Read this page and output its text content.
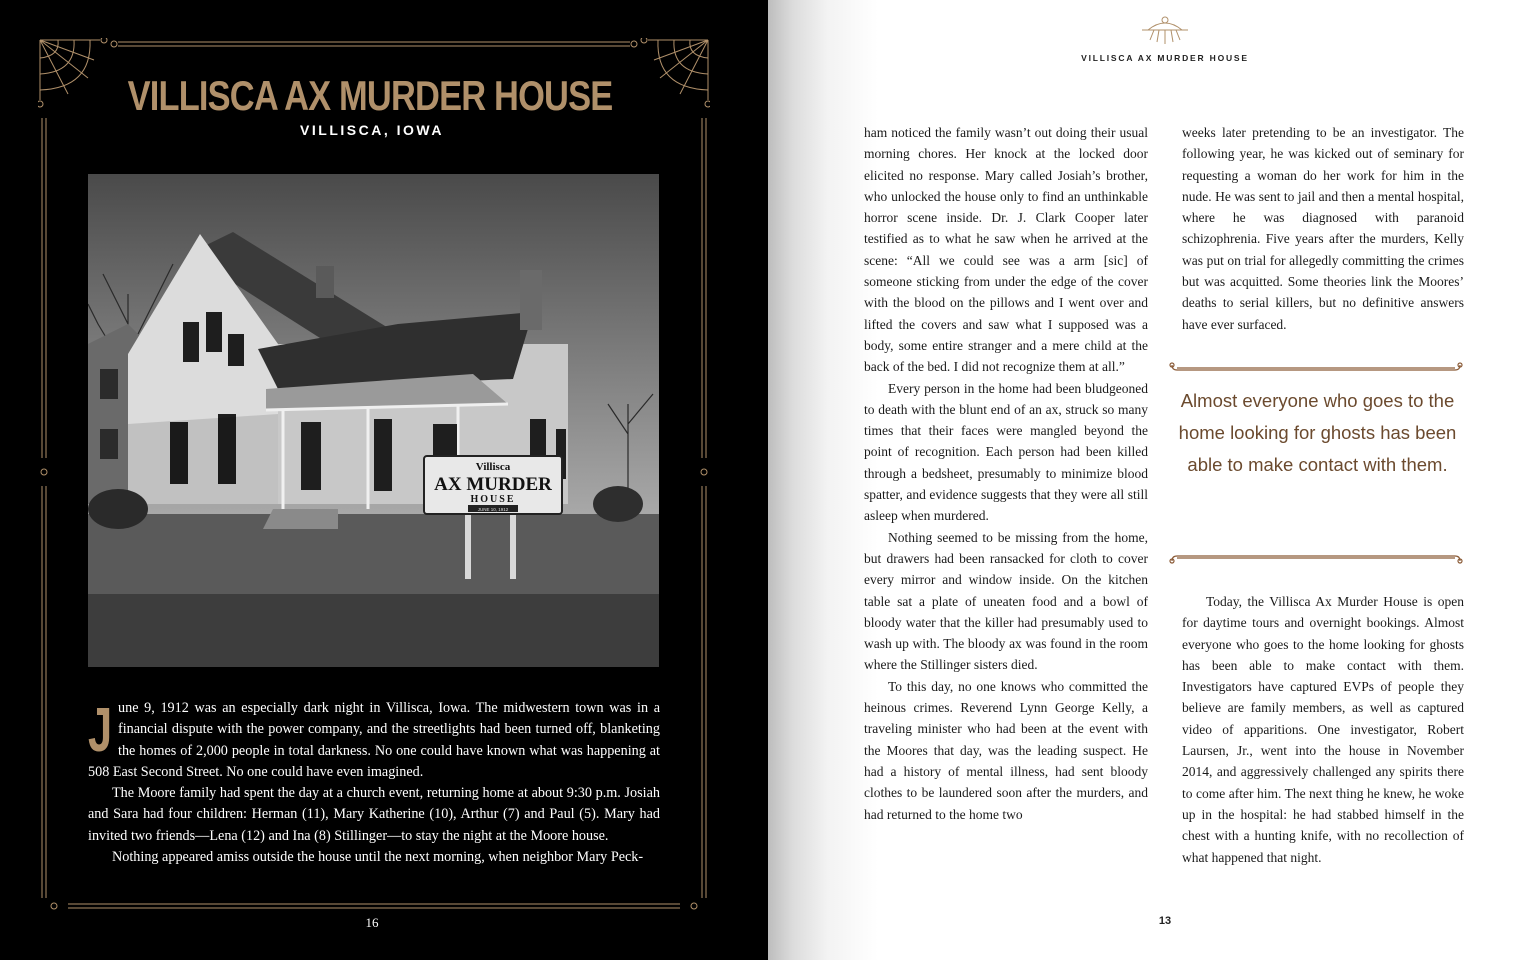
VILLISCA AX MURDER HOUSE
VILLISCA, IOWA
Villisca
AX MURDER
HOUSE
JUNE 10, 1912
J une 9, 1912 was an especially dark night in Villisca, Iowa. The midwestern town was in a financial dispute with the power company, and the streetlights had been turned off, blanketing the homes of 2,000 people in total darkness. No one could have known what was happening at 508 East Second Street. No one could have even imagined.

The Moore family had spent the day at a church event, returning home at about 9:30 p.m. Josiah and Sara had four children: Herman (11), Mary Katherine (10), Arthur (7) and Paul (5). Mary had invited two friends—Lena (12) and Ina (8) Stillinger—to stay the night at the Moore house.

Nothing appeared amiss outside the house until the next morning, when neighbor Mary Peck-

16
VILLISCA AX MURDER HOUSE

ham noticed the family wasn’t out doing their usual morning chores. Her knock at the locked door elicited no response. Mary called Josiah’s brother, who unlocked the house only to find an unthinkable horror scene inside. Dr. J. Clark Cooper later testified as to what he saw when he arrived at the scene: “All we could see was a arm [sic] of someone sticking from under the edge of the cover with the blood on the pillows and I went over and lifted the covers and saw what I supposed was a body, some entire stranger and a mere child at the back of the bed. I did not recognize them at all.”

Every person in the home had been bludgeoned to death with the blunt end of an ax, struck so many times that their faces were mangled beyond the point of recognition. Each person had been killed through a bedsheet, presumably to minimize blood spatter, and evidence suggests that they were all still asleep when murdered.

Nothing seemed to be missing from the home, but drawers had been ransacked for cloth to cover every mirror and window inside. On the kitchen table sat a plate of uneaten food and a bowl of bloody water that the killer had presumably used to wash up with. The bloody ax was found in the room where the Stillinger sisters died.

To this day, no one knows who committed the heinous crimes. Reverend Lynn George Kelly, a traveling minister who had been at the event with the Moores that day, was the leading suspect. He had a history of mental illness, had sent bloody clothes to be laundered soon after the murders, and had returned to the home two

weeks later pretending to be an investigator. The following year, he was kicked out of seminary for requesting a woman do her work for him in the nude. He was sent to jail and then a mental hospital, where he was diagnosed with paranoid schizophrenia. Five years after the murders, Kelly was put on trial for allegedly committing the crimes but was acquitted. Some theories link the Moores’ deaths to serial killers, but no definitive answers have ever surfaced.

Almost everyone who goes to the home looking for ghosts has been able to make contact with them.

Today, the Villisca Ax Murder House is open for daytime tours and overnight bookings. Almost everyone who goes to the home looking for ghosts has been able to make contact with them. Investigators have captured EVPs of people they believe are family members, as well as captured video of apparitions. One investigator, Robert Laursen, Jr., went into the house in November 2014, and aggressively challenged any spirits there to come after him. The next thing he knew, he woke up in the hospital: he had stabbed himself in the chest with a hunting knife, with no recollection of what happened that night.

13
